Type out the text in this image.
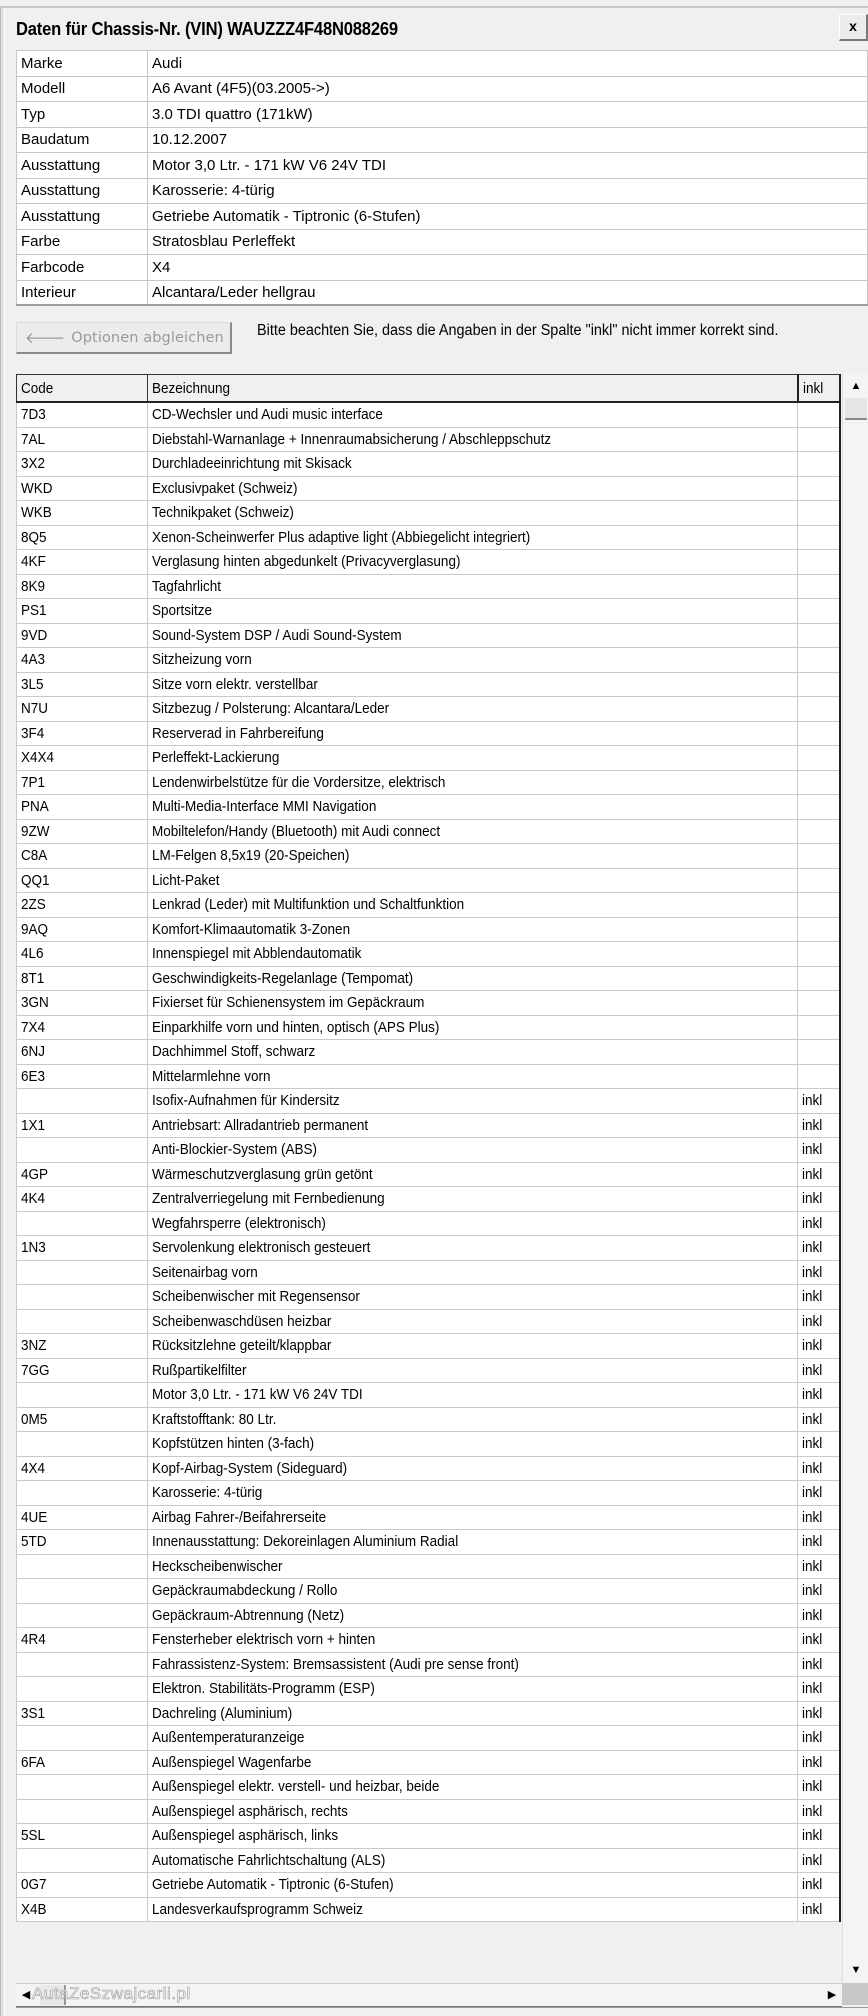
Daten für Chassis-Nr. (VIN) WAUZZZ4F48N088269	x
Marke	Audi
Modell	A6 Avant (4F5)(03.2005->)
Typ	3.0 TDI quattro (171kW)
Baudatum	10.12.2007
Ausstattung	Motor 3,0 Ltr. - 171 kW V6 24V TDI
Ausstattung	Karosserie: 4-türig
Ausstattung	Getriebe Automatik - Tiptronic (6-Stufen)
Farbe	Stratosblau Perleffekt
Farbcode	X4
Interieur	Alcantara/Leder hellgrau
🡐 Optionen abgleichen Bitte beachten Sie, dass die Angaben in der Spalte "inkl" nicht immer korrekt sind.
Code	Bezeichnung	inkl
7D3	CD-Wechsler und Audi music interface	
7AL	Diebstahl-Warnanlage + Innenraumabsicherung / Abschleppschutz	
3X2	Durchladeeinrichtung mit Skisack	
WKD	Exclusivpaket (Schweiz)	
WKB	Technikpaket (Schweiz)	
8Q5	Xenon-Scheinwerfer Plus adaptive light (Abbiegelicht integriert)	
4KF	Verglasung hinten abgedunkelt (Privacyverglasung)	
8K9	Tagfahrlicht	
PS1	Sportsitze	
9VD	Sound-System DSP / Audi Sound-System	
4A3	Sitzheizung vorn	
3L5	Sitze vorn elektr. verstellbar	
N7U	Sitzbezug / Polsterung: Alcantara/Leder	
3F4	Reserverad in Fahrbereifung	
X4X4	Perleffekt-Lackierung	
7P1	Lendenwirbelstütze für die Vordersitze, elektrisch	
PNA	Multi-Media-Interface MMI Navigation	
9ZW	Mobiltelefon/Handy (Bluetooth) mit Audi connect	
C8A	LM-Felgen 8,5x19 (20-Speichen)	
QQ1	Licht-Paket	
2ZS	Lenkrad (Leder) mit Multifunktion und Schaltfunktion	
9AQ	Komfort-Klimaautomatik 3-Zonen	
4L6	Innenspiegel mit Abblendautomatik	
8T1	Geschwindigkeits-Regelanlage (Tempomat)	
3GN	Fixierset für Schienensystem im Gepäckraum	
7X4	Einparkhilfe vorn und hinten, optisch (APS Plus)	
6NJ	Dachhimmel Stoff, schwarz	
6E3	Mittelarmlehne vorn	
	Isofix-Aufnahmen für Kindersitz	inkl
1X1	Antriebsart: Allradantrieb permanent	inkl
	Anti-Blockier-System (ABS)	inkl
4GP	Wärmeschutzverglasung grün getönt	inkl
4K4	Zentralverriegelung mit Fernbedienung	inkl
	Wegfahrsperre (elektronisch)	inkl
1N3	Servolenkung elektronisch gesteuert	inkl
	Seitenairbag vorn	inkl
	Scheibenwischer mit Regensensor	inkl
	Scheibenwaschdüsen heizbar	inkl
3NZ	Rücksitzlehne geteilt/klappbar	inkl
7GG	Rußpartikelfilter	inkl
	Motor 3,0 Ltr. - 171 kW V6 24V TDI	inkl
0M5	Kraftstofftank: 80 Ltr.	inkl
	Kopfstützen hinten (3-fach)	inkl
4X4	Kopf-Airbag-System (Sideguard)	inkl
	Karosserie: 4-türig	inkl
4UE	Airbag Fahrer-/Beifahrerseite	inkl
5TD	Innenausstattung: Dekoreinlagen Aluminium Radial	inkl
	Heckscheibenwischer	inkl
	Gepäckraumabdeckung / Rollo	inkl
	Gepäckraum-Abtrennung (Netz)	inkl
4R4	Fensterheber elektrisch vorn + hinten	inkl
	Fahrassistenz-System: Bremsassistent (Audi pre sense front)	inkl
	Elektron. Stabilitäts-Programm (ESP)	inkl
3S1	Dachreling (Aluminium)	inkl
	Außentemperaturanzeige	inkl
6FA	Außenspiegel Wagenfarbe	inkl
	Außenspiegel elektr. verstell- und heizbar, beide	inkl
	Außenspiegel asphärisch, rechts	inkl
5SL	Außenspiegel asphärisch, links	inkl
	Automatische Fahrlichtschaltung (ALS)	inkl
0G7	Getriebe Automatik - Tiptronic (6-Stufen)	inkl
X4B	Landesverkaufsprogramm Schweiz	inkl
▲
▼
◀	▶
AutaZeSzwajcarii.pl
